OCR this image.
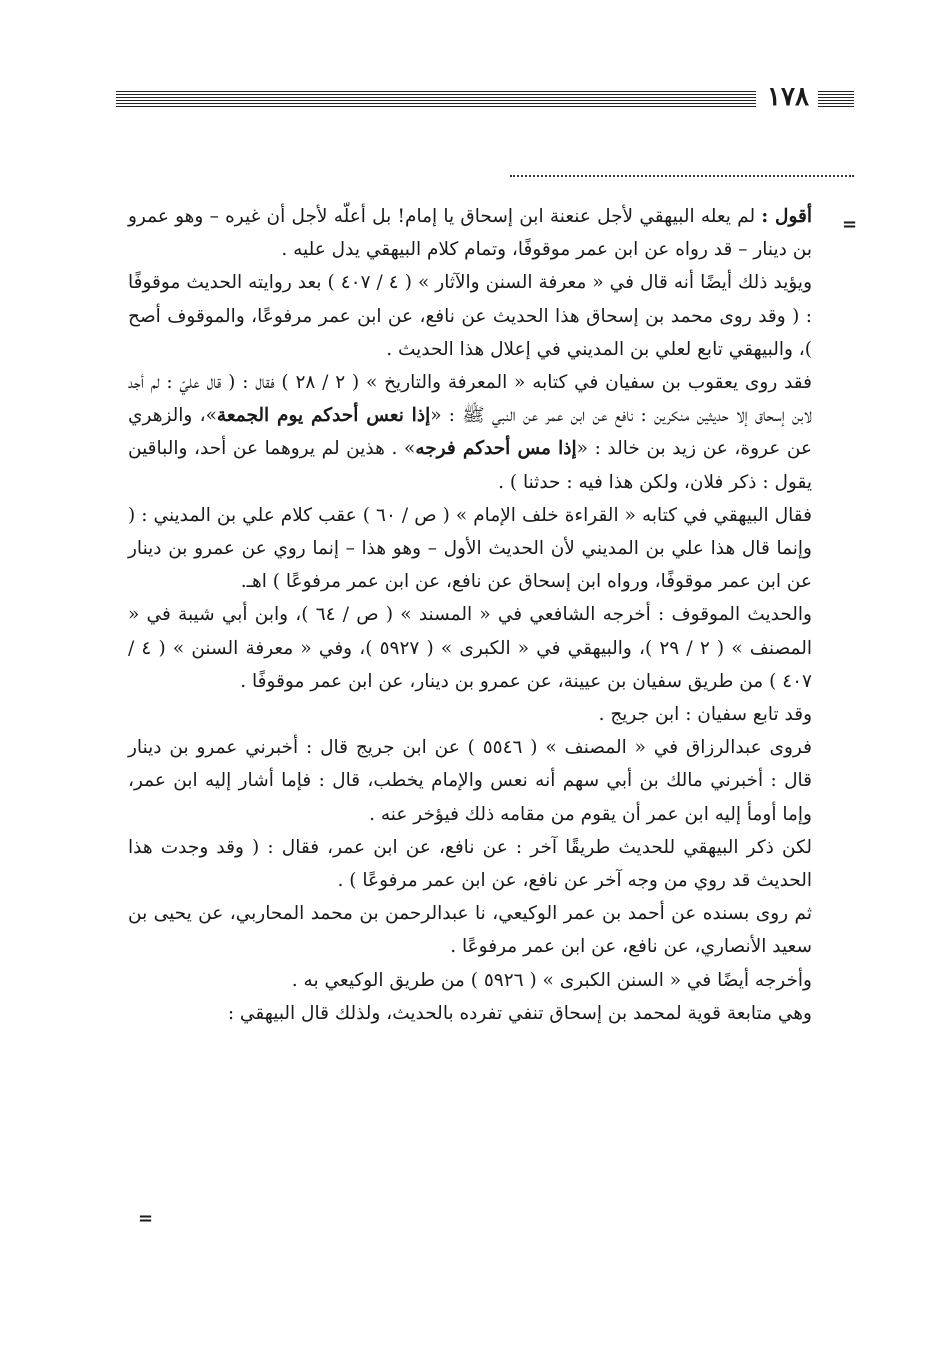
١٧٨
=

أقول : لم يعله البيهقي لأجل عنعنة ابن إسحاق يا إمام! بل أعلّه لأجل أن غيره – وهو عمرو بن دينار – قد رواه عن ابن عمر موقوفًا، وتمام كلام البيهقي يدل عليه .

ويؤيد ذلك أيضًا أنه قال في « معرفة السنن والآثار » ( ٤ / ٤٠٧ ) بعد روايته الحديث موقوفًا : ( وقد روى محمد بن إسحاق هذا الحديث عن نافع، عن ابن عمر مرفوعًا، والموقوف أصح )، والبيهقي تابع لعلي بن المديني في إعلال هذا الحديث .

فقد روى يعقوب بن سفيان في كتابه « المعرفة والتاريخ » ( ٢ / ٢٨ ) فقال : ( قال عليّ : لم أجد لابن إسحاق إلا حديثين منكرين : نافع عن ابن عمر عن النبي ﷺ : «إذا نعس أحدكم يوم الجمعة»، والزهري عن عروة، عن زيد بن خالد : «إذا مس أحدكم فرجه» . هذين لم يروهما عن أحد، والباقين يقول : ذكر فلان، ولكن هذا فيه : حدثنا ) .

فقال البيهقي في كتابه « القراءة خلف الإمام » ( ص / ٦٠ ) عقب كلام علي بن المديني : ( وإنما قال هذا علي بن المديني لأن الحديث الأول – وهو هذا – إنما روي عن عمرو بن دينار عن ابن عمر موقوفًا، ورواه ابن إسحاق عن نافع، عن ابن عمر مرفوعًا ) اهـ.

والحديث الموقوف : أخرجه الشافعي في « المسند » ( ص / ٦٤ )، وابن أبي شيبة في « المصنف » ( ٢ / ٢٩ )، والبيهقي في « الكبرى » ( ٥٩٢٧ )، وفي « معرفة السنن » ( ٤ / ٤٠٧ ) من طريق سفيان بن عيينة، عن عمرو بن دينار، عن ابن عمر موقوفًا .

وقد تابع سفيان : ابن جريج .

فروى عبدالرزاق في « المصنف » ( ٥٥٤٦ ) عن ابن جريج قال : أخبرني عمرو بن دينار قال : أخبرني مالك بن أبي سهم أنه نعس والإمام يخطب، قال : فإما أشار إليه ابن عمر، وإما أومأ إليه ابن عمر أن يقوم من مقامه ذلك فيؤخر عنه .

لكن ذكر البيهقي للحديث طريقًا آخر : عن نافع، عن ابن عمر، فقال : ( وقد وجدت هذا الحديث قد روي من وجه آخر عن نافع، عن ابن عمر مرفوعًا ) .

ثم روى بسنده عن أحمد بن عمر الوكيعي، نا عبدالرحمن بن محمد المحاربي، عن يحيى بن سعيد الأنصاري، عن نافع، عن ابن عمر مرفوعًا .

وأخرجه أيضًا في « السنن الكبرى » ( ٥٩٢٦ ) من طريق الوكيعي به .

وهي متابعة قوية لمحمد بن إسحاق تنفي تفرده بالحديث، ولذلك قال البيهقي :

=
